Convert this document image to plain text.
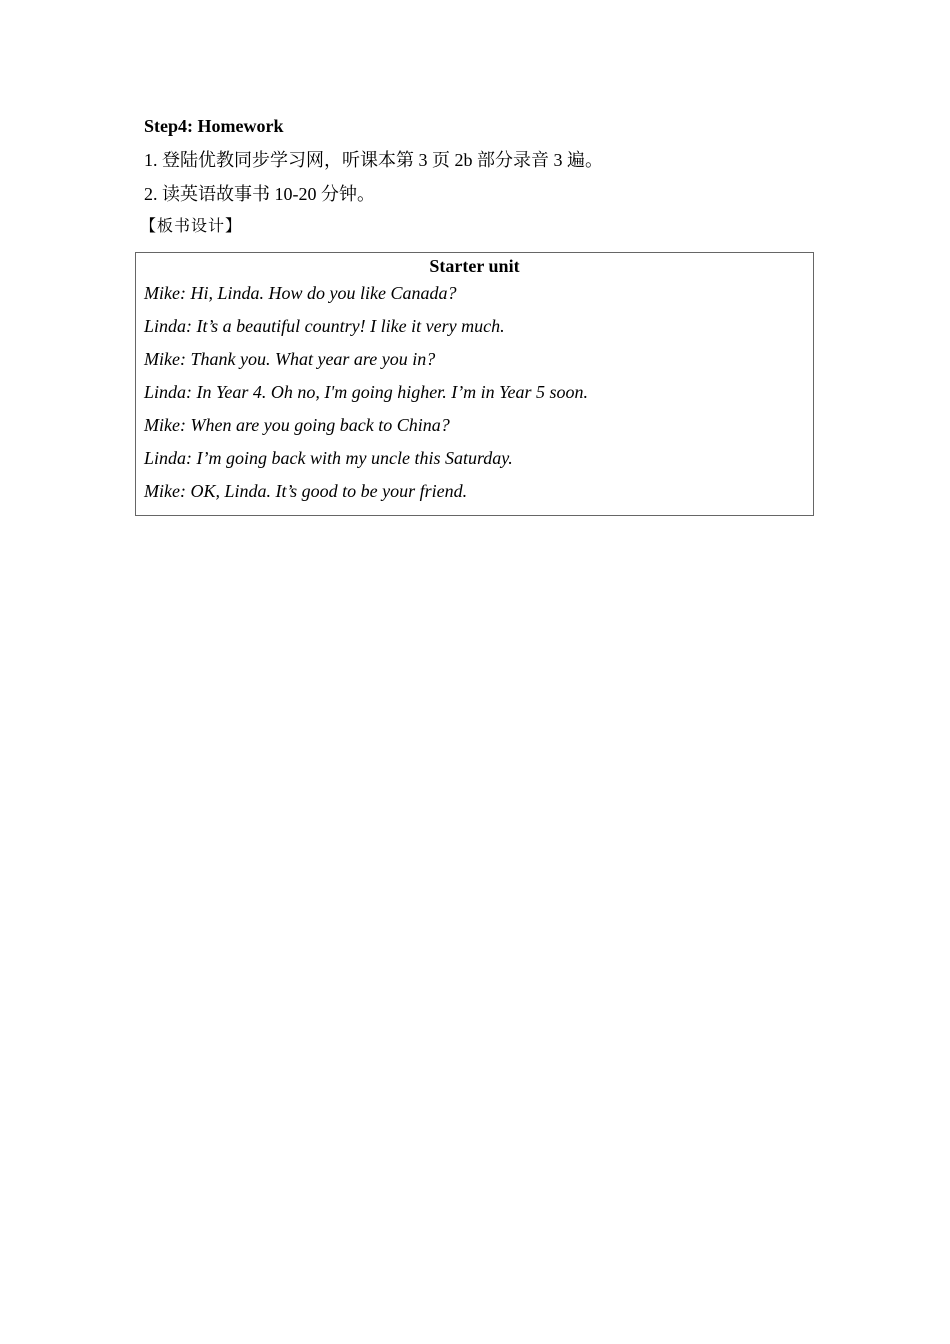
Step4: Homework
1. 登陆优教同步学习网，听课本第 3 页 2b 部分录音 3 遍。
2. 读英语故事书 10-20 分钟。
【板书设计】
Starter unit
Mike: Hi, Linda. How do you like Canada?
Linda: It’s a beautiful country! I like it very much.
Mike: Thank you. What year are you in?
Linda: In Year 4. Oh no, I'm going higher. I’m in Year 5 soon.
Mike: When are you going back to China?
Linda: I’m going back with my uncle this Saturday.
Mike: OK, Linda. It’s good to be your friend.
